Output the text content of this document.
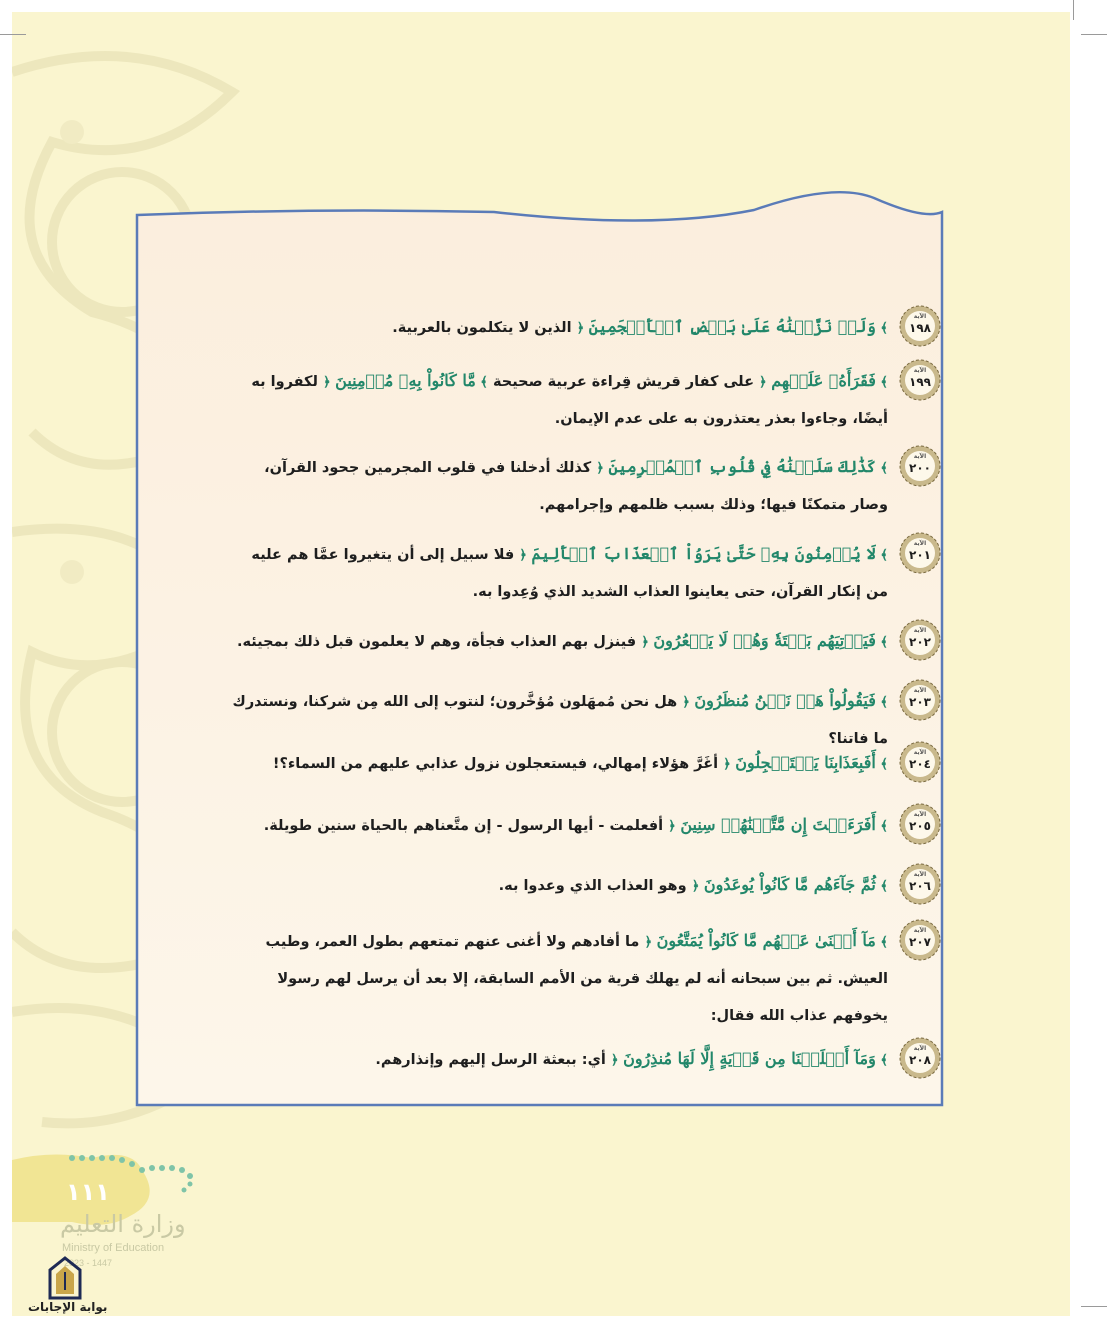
الآية
١٩٨
﴾ وَلَوۡ نَزَّلۡنَٰهُ عَلَىٰ بَعۡضِ ٱلۡأَعۡجَمِينَ ﴿ الذين لا يتكلمون بالعربية.
الآية
١٩٩
﴾ فَقَرَأَهُۥ عَلَيۡهِم ﴿ على كفار قريش قِراءة عربية صحيحة ﴾ مَّا كَانُواْ بِهِۦ مُؤۡمِنِينَ ﴿ لكفروا به أيضًا، وجاءوا بعذر يعتذرون به على عدم الإيمان.
الآية
٢٠٠
﴾ كَذَٰلِكَ سَلَكۡنَٰهُ فِي قُلُوبِ ٱلۡمُجۡرِمِينَ ﴿ كذلك أدخلنا في قلوب المجرمين جحود القرآن، وصار متمكنًا فيها؛ وذلك بسبب ظلمهم وإجرامهم.
الآية
٢٠١
﴾ لَا يُؤۡمِنُونَ بِهِۦ حَتَّىٰ يَرَوُاْ ٱلۡعَذَابَ ٱلۡأَلِيمَ ﴿ فلا سبيل إلى أن يتغيروا عمَّا هم عليه من إنكار القرآن، حتى يعاينوا العذاب الشديد الذي وُعِدوا به.
الآية
٢٠٢
﴾ فَيَأۡتِيَهُم بَغۡتَةٗ وَهُمۡ لَا يَشۡعُرُونَ ﴿ فينزل بهم العذاب فجأة، وهم لا يعلمون قبل ذلك بمجيئه.
الآية
٢٠٣
﴾ فَيَقُولُواْ هَلۡ نَحۡنُ مُنظَرُونَ ﴿ هل نحن مُمهَلون مُؤخَّرون؛ لنتوب إلى الله مِن شركنا، ونستدرك ما فاتنا؟
الآية
٢٠٤
﴾ أَفَبِعَذَابِنَا يَسۡتَعۡجِلُونَ ﴿ أغَرَّ هؤلاء إمهالي، فيستعجلون نزول عذابي عليهم من السماء؟!
الآية
٢٠٥
﴾ أَفَرَءَيۡتَ إِن مَّتَّعۡنَٰهُمۡ سِنِينَ ﴿ أفعلمت - أيها الرسول - إن متَّعناهم بالحياة سنين طويلة.
الآية
٢٠٦
﴾ ثُمَّ جَآءَهُم مَّا كَانُواْ يُوعَدُونَ ﴿ وهو العذاب الذي وعدوا به.
الآية
٢٠٧
﴾ مَآ أَغۡنَىٰ عَنۡهُم مَّا كَانُواْ يُمَتَّعُونَ ﴿ ما أفادهم ولا أغنى عنهم تمتعهم بطول العمر، وطيب العيش. ثم بين سبحانه أنه لم يهلك قرية من الأمم السابقة، إلا بعد أن يرسل لهم رسولا يخوفهم عذاب الله فقال:
الآية
٢٠٨
﴾ وَمَآ أَهۡلَكۡنَا مِن قَرۡيَةٍ إِلَّا لَهَا مُنذِرُونَ ﴿ أي: ببعثة الرسل إليهم وإنذارهم.
١١١
وزارة التعليم
Ministry of Education
2023 - 1447
بوابة الإجابات
